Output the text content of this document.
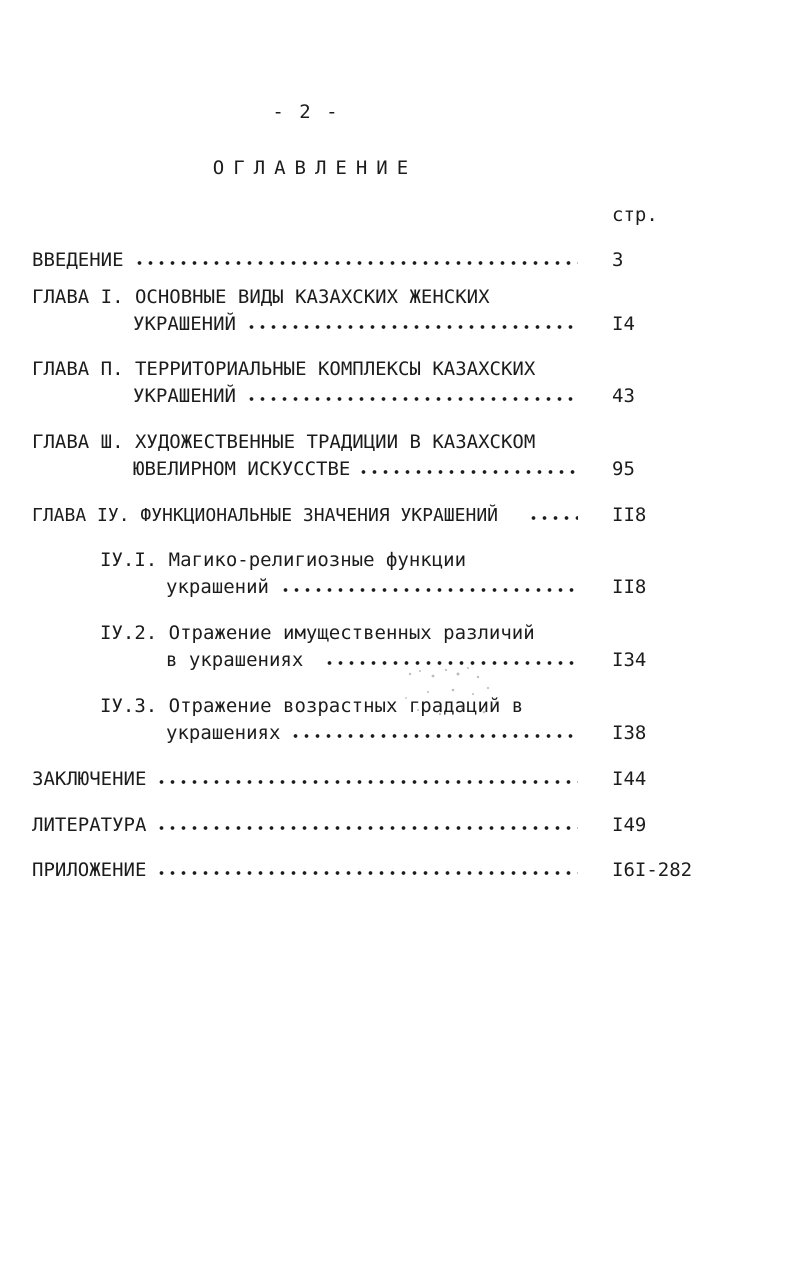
- 2 -
ОГЛАВЛЕНИЕ
стр.
ВВЕДЕНИЕ	3
ГЛАВА I. ОСНОВНЫЕ ВИДЫ КАЗАХСКИХ ЖЕНСКИХ
УКРАШЕНИЙ	I4
ГЛАВА П. ТЕРРИТОРИАЛЬНЫЕ КОМПЛЕКСЫ КАЗАХСКИХ
УКРАШЕНИЙ	43
ГЛАВА Ш. ХУДОЖЕСТВЕННЫЕ ТРАДИЦИИ В КАЗАХСКОМ
ЮВЕЛИРНОМ ИСКУССТВЕ	95
ГЛАВА IУ. ФУНКЦИОНАЛЬНЫЕ ЗНАЧЕНИЯ УКРАШЕНИЙ	II8
IУ.I. Магико-религиозные функции
украшений	II8
IУ.2. Отражение имущественных различий
в украшениях	I34
IУ.3. Отражение возрастных градаций в
украшениях	I38
ЗАКЛЮЧЕНИЕ	I44
ЛИТЕРАТУРА	I49
ПРИЛОЖЕНИЕ	I6I-282
